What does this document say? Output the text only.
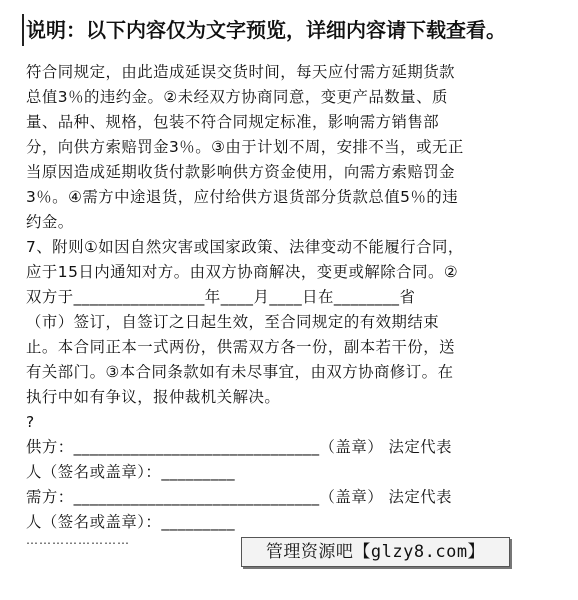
说明：以下内容仅为文字预览，详细内容请下载查看。
符合同规定，由此造成延误交货时间，每天应付需方延期货款
总值3％的违约金。②未经双方协商同意，变更产品数量、质
量、品种、规格，包装不符合同规定标准，影响需方销售部
分，向供方索赔罚金3％。③由于计划不周，安排不当，或无正
当原因造成延期收货付款影响供方资金使用，向需方索赔罚金
3％。④需方中途退货，应付给供方退货部分货款总值5％的违
约金。
7、附则①如因自然灾害或国家政策、法律变动不能履行合同，
应于15日内通知对方。由双方协商解决，变更或解除合同。②
双方于________________年____月____日在________省
（市）签订，自签订之日起生效，至合同规定的有效期结束
止。本合同正本一式两份，供需双方各一份，副本若干份，送
有关部门。③本合同条款如有未尽事宜，由双方协商修订。在
执行中如有争议，报仲裁机关解决。
?
供方：______________________________（盖章） 法定代表
人（签名或盖章）：_________
需方：______________________________（盖章） 法定代表
人（签名或盖章）：_________
……………………
管理资源吧【glzy8.com】
